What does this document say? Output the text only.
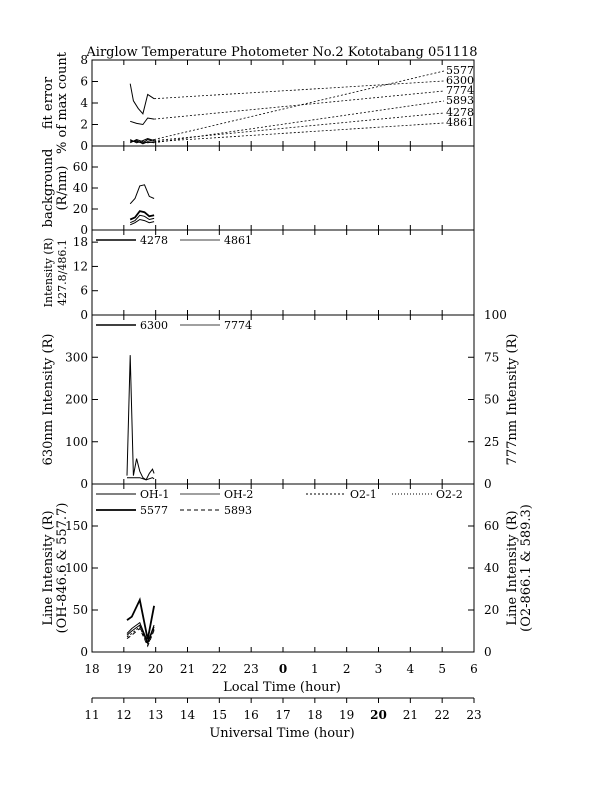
Airglow Temperature Photometer No.2 Kototabang 051118
0
2
4
6
8
fit error % of max count	5577
6300
7774
5893
4278
4861
0
20
40
60
background (R/nm)
0
6
12
18
Intensity (R) 427.8/486.1	4278	4861
0
100
200
300
0
25
50
75
100
630nm Intensity (R)	777nm Intensity (R)
6300	7774
0
50
100
150
0
20
40
60
Line Intensity (R) (OH-846.6 & 557.7)	Line Intensity (R) (O2-866.1 & 589.3)
OH-1	OH-2	O2-1	O2-2
5577	5893
18 19 20 21 22 23 0 1 2 3 4 5 6
11 12 13 14 15 16 17 18 19 20 21 22 23
Local Time (hour)
Universal Time (hour)
